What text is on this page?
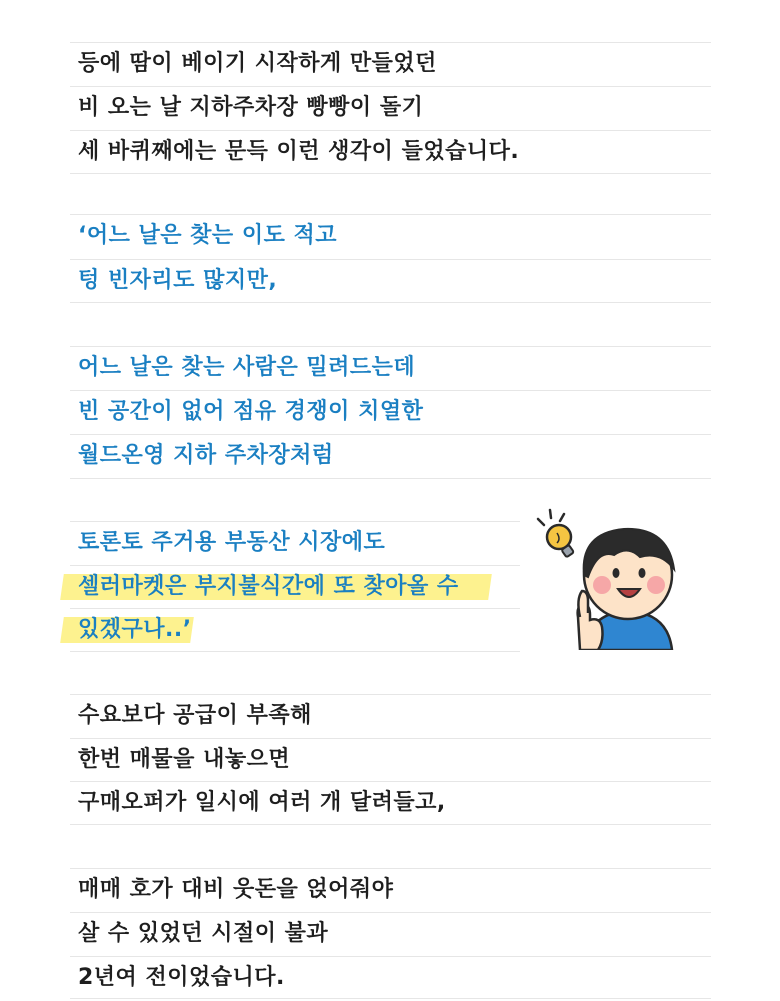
등에 땀이 베이기 시작하게 만들었던
비 오는 날 지하주차장 빵빵이 돌기
세 바퀴째에는 문득 이런 생각이 들었습니다.
‘어느 날은 찾는 이도 적고
텅 빈자리도 많지만,
어느 날은 찾는 사람은 밀려드는데
빈 공간이 없어 점유 경쟁이 치열한
월드온영 지하 주차장처럼
토론토 주거용 부동산 시장에도
셀러마켓은 부지불식간에 또 찾아올 수
있겠구나..’
수요보다 공급이 부족해
한번 매물을 내놓으면
구매오퍼가 일시에 여러 개 달려들고,
매매 호가 대비 웃돈을 얹어줘야
살 수 있었던 시절이 불과
2년여 전이었습니다.
